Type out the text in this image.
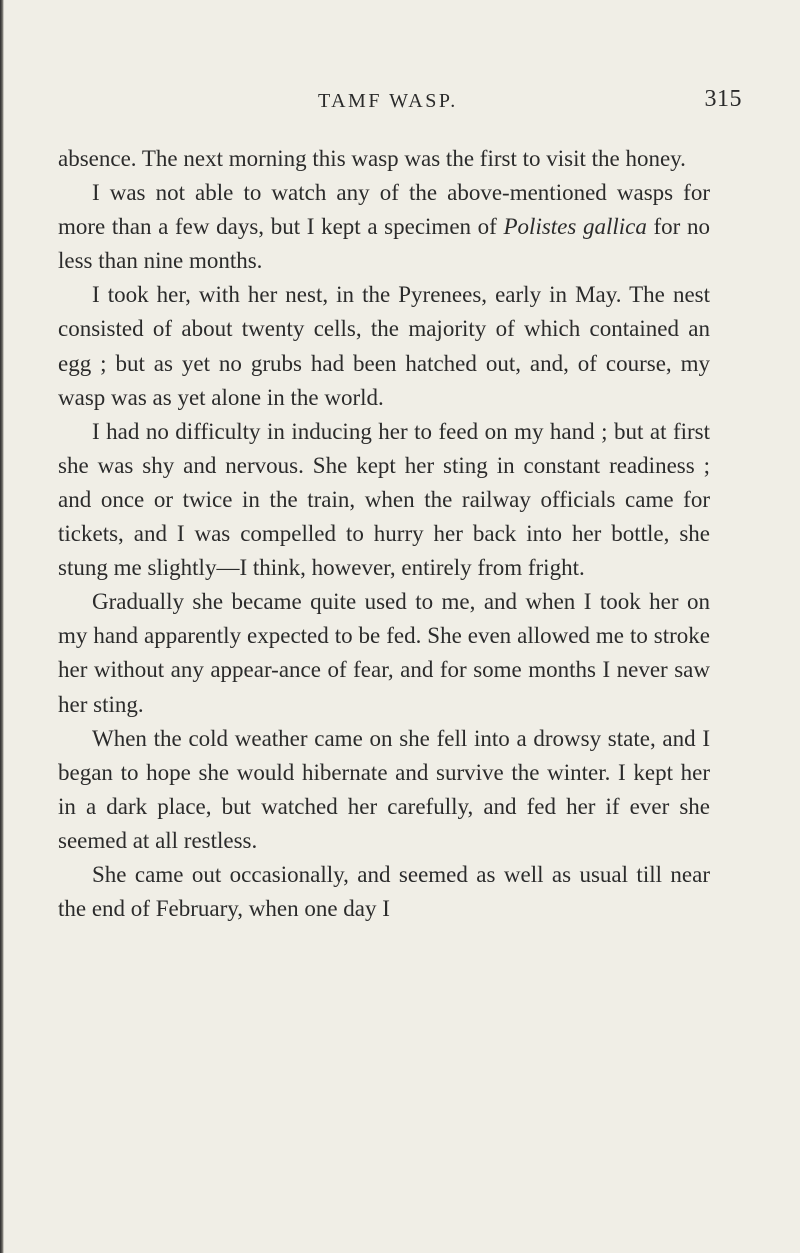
TAMF WASP.	315

absence. The next morning this wasp was the first to visit the honey.

I was not able to watch any of the above-mentioned wasps for more than a few days, but I kept a specimen of Polistes gallica for no less than nine months.

I took her, with her nest, in the Pyrenees, early in May. The nest consisted of about twenty cells, the majority of which contained an egg ; but as yet no grubs had been hatched out, and, of course, my wasp was as yet alone in the world.

I had no difficulty in inducing her to feed on my hand ; but at first she was shy and nervous. She kept her sting in constant readiness ; and once or twice in the train, when the railway officials came for tickets, and I was compelled to hurry her back into her bottle, she stung me slightly—I think, however, entirely from fright.

Gradually she became quite used to me, and when I took her on my hand apparently expected to be fed. She even allowed me to stroke her without any appear-ance of fear, and for some months I never saw her sting.

When the cold weather came on she fell into a drowsy state, and I began to hope she would hibernate and survive the winter. I kept her in a dark place, but watched her carefully, and fed her if ever she seemed at all restless.

She came out occasionally, and seemed as well as usual till near the end of February, when one day I
